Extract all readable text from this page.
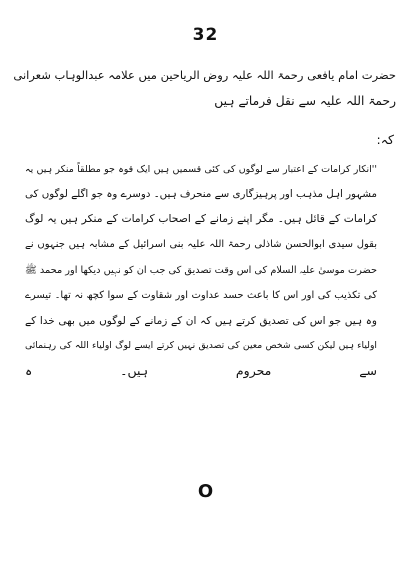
32
حضرت امام یافعی رحمۃ اللہ علیہ روض الریاحین میں علامہ عبدالوہاب شعرانی
رحمۃ اللہ علیہ سے نقل فرماتے ہیں
کہ:
''انکار کرامات کے اعتبار سے لوگوں کی کئی قسمیں ہیں ایک قوہ جو مطلقاً منکر ہیں یہ
مشہور اہل مذہب اور پرہیزگاری سے منحرف ہیں۔ دوسرے وہ جو اگلے لوگوں کی
کرامات کے قائل ہیں۔ مگر اپنے زمانے کے اصحاب کرامات کے منکر ہیں یہ لوگ
بقول سیدی ابوالحسن شاذلی رحمۃ اللہ علیہ بنی اسرائیل کے مشابہ ہیں جنہوں نے
حضرت موسیٰ علیہ السلام کی اس وقت تصدیق کی جب ان کو نہیں دیکھا اور محمد ﷺ
کی تکذیب کی اور اس کا باعث حسد عداوت اور شقاوت کے سوا کچھ نہ تھا۔ تیسرے
وہ ہیں جو اس کی تصدیق کرتے ہیں کہ ان کے زمانے کے لوگوں میں بھی خدا کے
اولیاء ہیں لیکن کسی شخص معین کی تصدیق نہیں کرتے ایسے لوگ اولیاء اللہ کی رہنمائی
سے محروم ہیں۔ ہ
O
